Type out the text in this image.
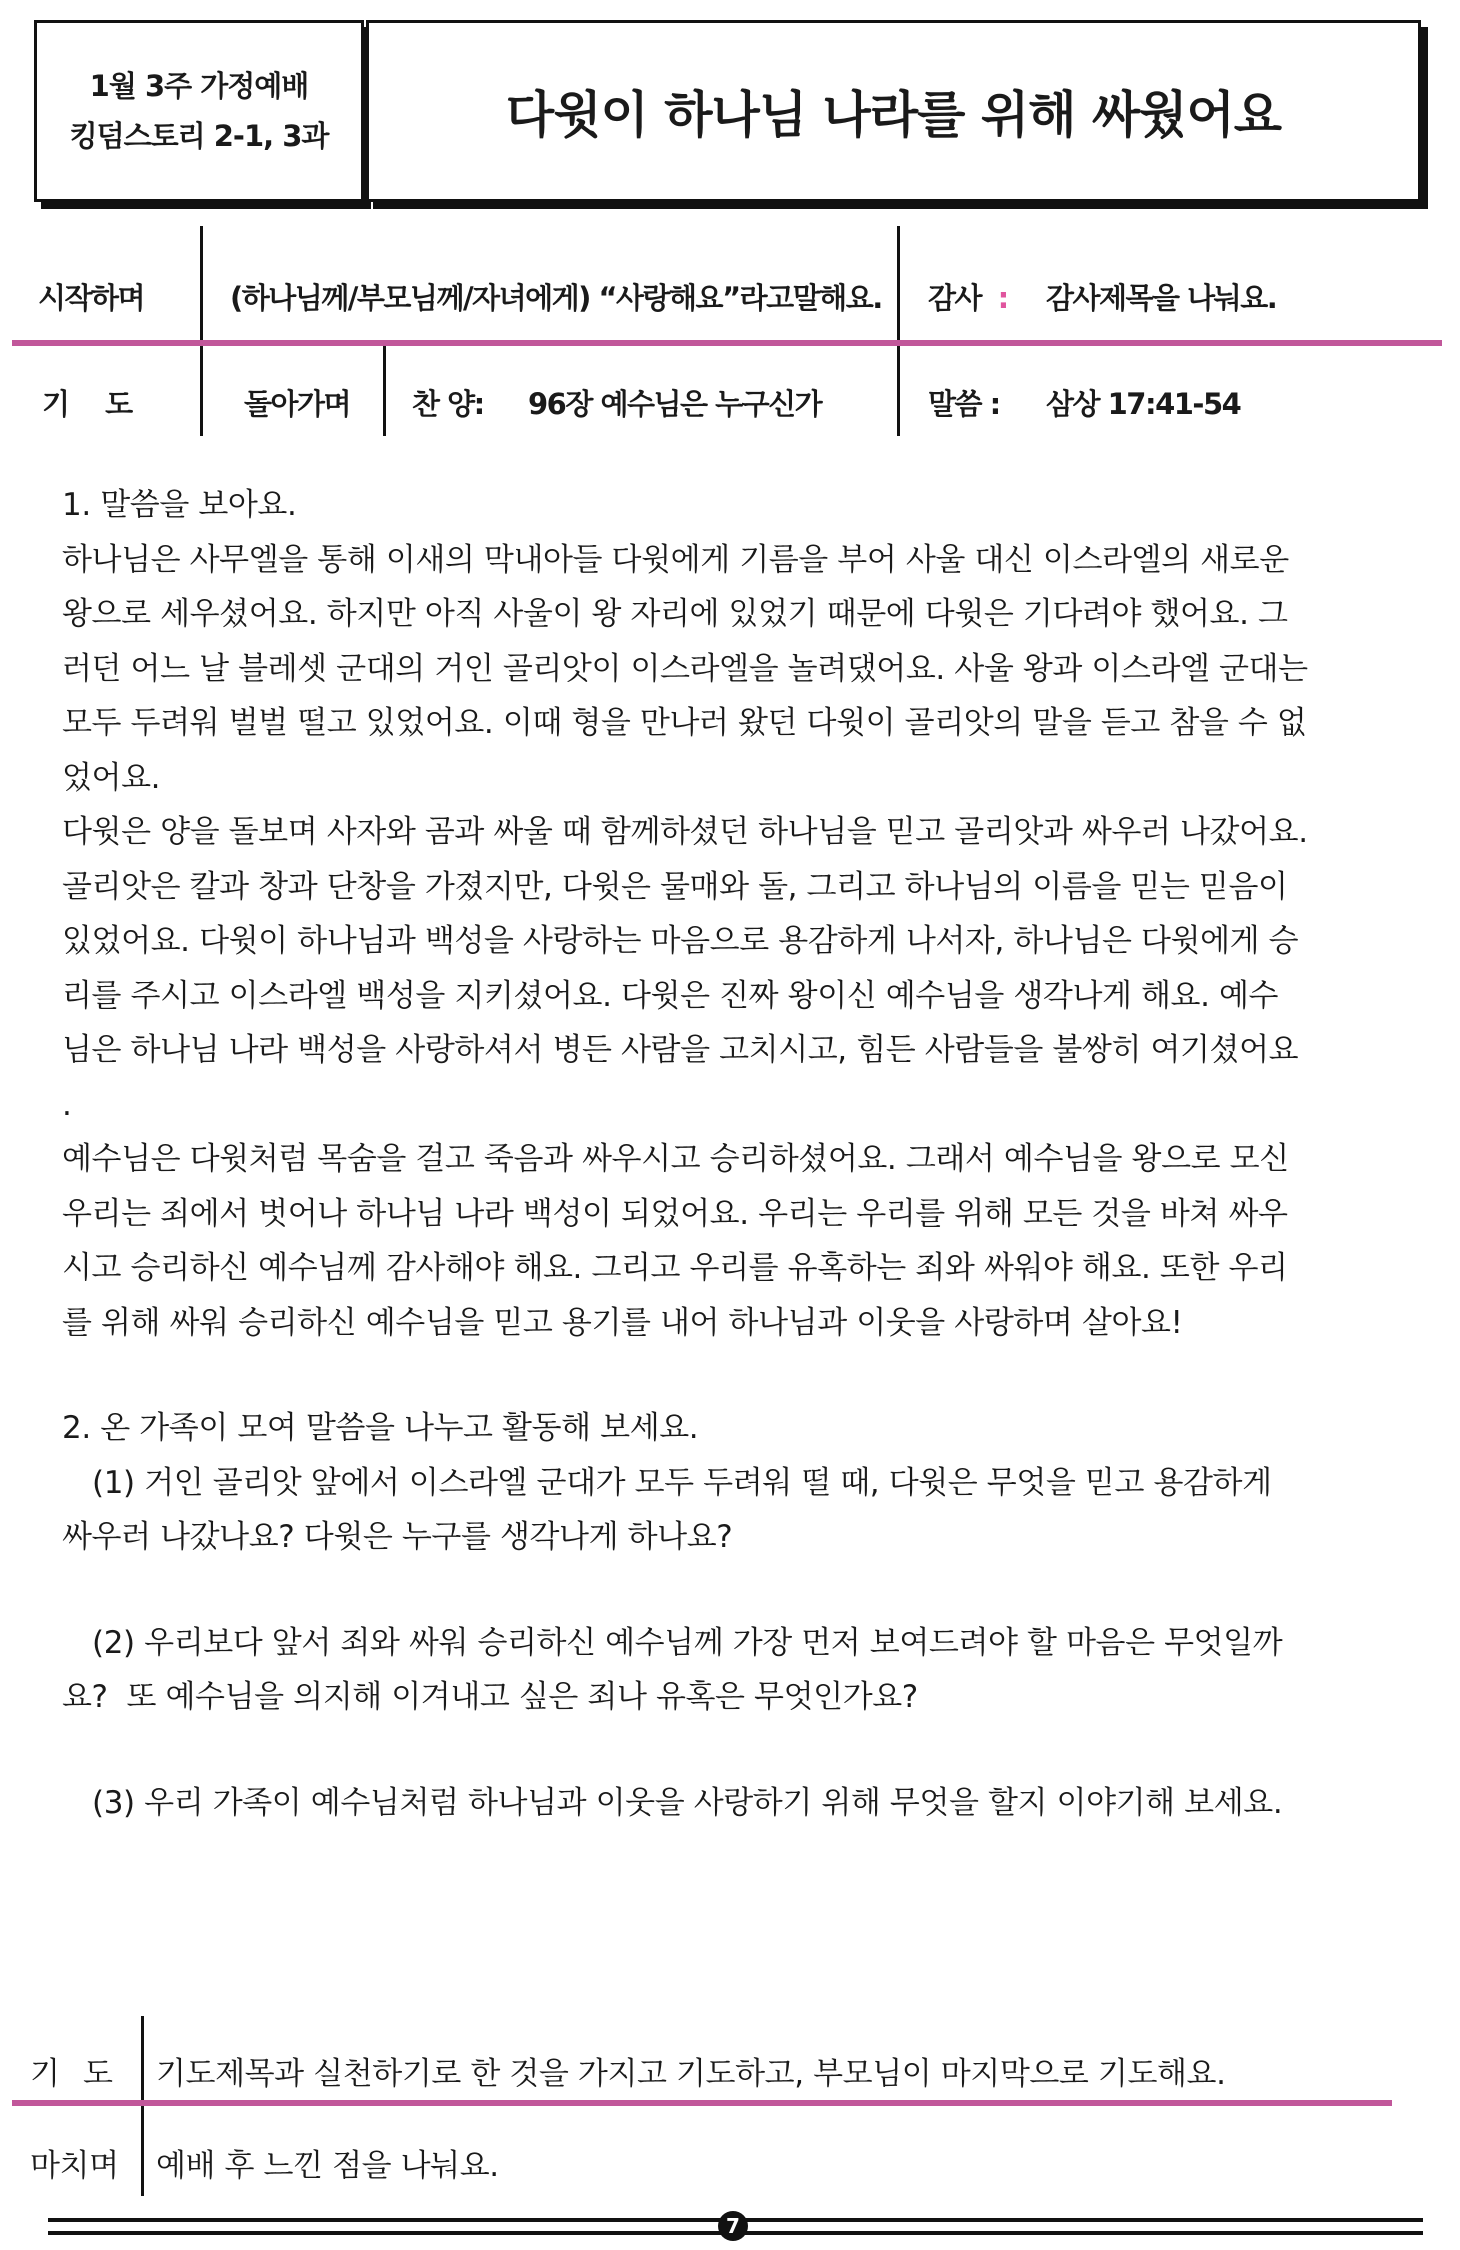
1월 3주 가정예배
킹덤스토리 2-1, 3과	다윗이 하나님 나라를 위해 싸웠어요
시작하며	(하나님께/부모님께/자녀에게) “사랑해요”라고말해요. 감사 : 감사제목을 나눠요.
기 도	돌아가며 찬 양: 96장 예수님은 누구신가	말씀 : 삼상 17:41-54

1. 말씀을 보아요.

하나님은 사무엘을 통해 이새의 막내아들 다윗에게 기름을 부어 사울 대신 이스라엘의 새로운

왕으로 세우셨어요. 하지만 아직 사울이 왕 자리에 있었기 때문에 다윗은 기다려야 했어요. 그

러던 어느 날 블레셋 군대의 거인 골리앗이 이스라엘을 놀려댔어요. 사울 왕과 이스라엘 군대는

모두 두려워 벌벌 떨고 있었어요. 이때 형을 만나러 왔던 다윗이 골리앗의 말을 듣고 참을 수 없

었어요.

다윗은 양을 돌보며 사자와 곰과 싸울 때 함께하셨던 하나님을 믿고 골리앗과 싸우러 나갔어요.

골리앗은 칼과 창과 단창을 가졌지만, 다윗은 물매와 돌, 그리고 하나님의 이름을 믿는 믿음이

있었어요. 다윗이 하나님과 백성을 사랑하는 마음으로 용감하게 나서자, 하나님은 다윗에게 승

리를 주시고 이스라엘 백성을 지키셨어요. 다윗은 진짜 왕이신 예수님을 생각나게 해요. 예수

님은 하나님 나라 백성을 사랑하셔서 병든 사람을 고치시고, 힘든 사람들을 불쌍히 여기셨어요

.

예수님은 다윗처럼 목숨을 걸고 죽음과 싸우시고 승리하셨어요. 그래서 예수님을 왕으로 모신

우리는 죄에서 벗어나 하나님 나라 백성이 되었어요. 우리는 우리를 위해 모든 것을 바쳐 싸우

시고 승리하신 예수님께 감사해야 해요. 그리고 우리를 유혹하는 죄와 싸워야 해요. 또한 우리

를 위해 싸워 승리하신 예수님을 믿고 용기를 내어 하나님과 이웃을 사랑하며 살아요!

2. 온 가족이 모여 말씀을 나누고 활동해 보세요.

(1) 거인 골리앗 앞에서 이스라엘 군대가 모두 두려워 떨 때, 다윗은 무엇을 믿고 용감하게

싸우러 나갔나요? 다윗은 누구를 생각나게 하나요?

(2) 우리보다 앞서 죄와 싸워 승리하신 예수님께 가장 먼저 보여드려야 할 마음은 무엇일까

요?  또 예수님을 의지해 이겨내고 싶은 죄나 유혹은 무엇인가요?

(3) 우리 가족이 예수님처럼 하나님과 이웃을 사랑하기 위해 무엇을 할지 이야기해 보세요.

기 도 기도제목과 실천하기로 한 것을 가지고 기도하고, 부모님이 마지막으로 기도해요.
마치며 예배 후 느낀 점을 나눠요.
7
